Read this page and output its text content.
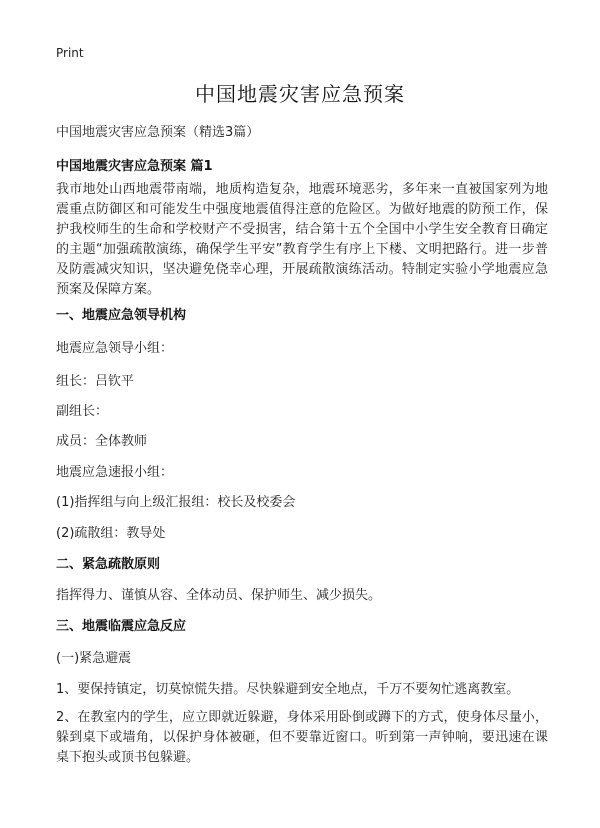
Print
中国地震灾害应急预案
中国地震灾害应急预案（精选3篇）
中国地震灾害应急预案 篇1
我市地处山西地震带南端，地质构造复杂，地震环境恶劣，多年来一直被国家列为地震重点防御区和可能发生中强度地震值得注意的危险区。为做好地震的防预工作，保护我校师生的生命和学校财产不受损害，结合第十五个全国中小学生安全教育日确定的主题“加强疏散演练，确保学生平安”教育学生有序上下楼、文明把路行。进一步普及防震减灾知识，坚决避免侥幸心理，开展疏散演练活动。特制定实验小学地震应急预案及保障方案。
一、地震应急领导机构
地震应急领导小组：
组长：吕钦平
副组长：
成员：全体教师
地震应急速报小组：
(1)指挥组与向上级汇报组：校长及校委会
(2)疏散组：教导处
二、紧急疏散原则
指挥得力、谨慎从容、全体动员、保护师生、减少损失。
三、地震临震应急反应
(一)紧急避震
1、要保持镇定，切莫惊慌失措。尽快躲避到安全地点，千万不要匆忙逃离教室。
2、在教室内的学生，应立即就近躲避，身体采用卧倒或蹲下的方式，使身体尽量小，躲到桌下或墙角，以保护身体被砸，但不要靠近窗口。听到第一声钟响，要迅速在课桌下抱头或顶书包躲避。
